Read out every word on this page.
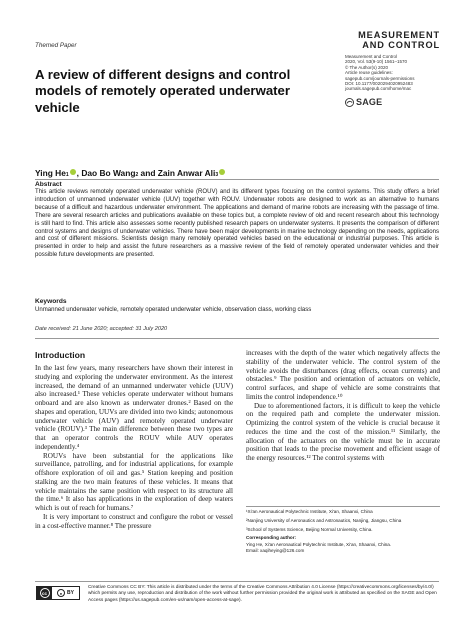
Themed Paper
MEASUREMENT
AND CONTROL
Measurement and Control
2020, Vol. 53(9-10) 1561–1570
© The Author(s) 2020
Article reuse guidelines:
sagepub.com/journals-permissions
DOI: 10.1177/0020294020952483
journals.sagepub.com/home/mac
SAGE
A review of different designs and control models of remotely operated underwater vehicle
Ying $He_1$ , Dao Bo Wang$_2$ and Zain Anwar Ali$_3$
Abstract
This article reviews remotely operated underwater vehicle (ROUV) and its different types focusing on the control systems. This study offers a brief introduction of unmanned underwater vehicle (UUV) together with ROUV. Underwater robots are designed to work as an alternative to humans because of a difficult and hazardous underwater environment. The applications and demand of marine robots are increasing with the passage of time. There are several research articles and publications available on these topics but, a complete review of old and recent research about this technology is still hard to find. This article also assesses some recently published research papers on underwater systems. It presents the comparison of different control systems and designs of underwater vehicles. There have been major developments in marine technology depending on the needs, applications and cost of different missions. Scientists design many remotely operated vehicles based on the educational or industrial purposes. This article is presented in order to help and assist the future researchers as a massive review of the field of remotely operated underwater vehicles and their possible future developments are presented.
Keywords
Unmanned underwater vehicle, remotely operated underwater vehicle, observation class, working class
Date received: 21 June 2020; accepted: 31 July 2020
Introduction

In the last few years, many researchers have shown their interest in studying and exploring the underwater environment. As the interest increased, the demand of an unmanned underwater vehicle (UUV) also increased.¹ These vehicles operate underwater without humans onboard and are also known as underwater drones.² Based on the shapes and operation, UUVs are divided into two kinds; autonomous underwater vehicle (AUV) and remotely operated underwater vehicle (ROUV).³ The main difference between these two types are that an operator controls the ROUV while AUV operates independently.⁴

ROUVs have been substantial for the applications like surveillance, patrolling, and for industrial applications, for example offshore exploration of oil and gas.⁵ Station keeping and position stalking are the two main features of these vehicles. It means that vehicle maintains the same position with respect to its structure all the time.⁶ It also has applications in the exploration of deep waters which is out of reach for humans.⁷

It is very important to construct and configure the robot or vessel in a cost-effective manner.⁸ The pressure

increases with the depth of the water which negatively affects the stability of the underwater vehicle. The control system of the vehicle avoids the disturbances (drag effects, ocean currents) and obstacles.⁹ The position and orientation of actuators on vehicle, control surfaces, and shape of vehicle are some constraints that limits the control independence.¹⁰

Due to aforementioned factors, it is difficult to keep the vehicle on the required path and complete the underwater mission. Optimizing the control system of the vehicle is crucial because it reduces the time and the cost of the mission.¹¹ Similarly, the allocation of the actuators on the vehicle must be in accurate position that leads to the precise movement and efficient usage of the energy resources.¹² The control systems with

¹Xi'an Aeronautical Polytechnic Institute, Xi'an, Shaanxi, China

²Nanjing University of Aeronautics and Astronautics, Nanjing, Jiangsu, China

³School of Systems Science, Beijing Normal University, China.

Corresponding author:
Ying He, Xi'an Aeronautical Polytechnic Institute, Xi'an, Shaanxi, China.
Email: xaqiheying@126.com
cc	● BY
Creative Commons CC BY: This article is distributed under the terms of the Creative Commons Attribution 4.0 License (https://creativecommons.org/licenses/by/4.0/) which permits any use, reproduction and distribution of the work without further permission provided the original work is attributed as specified on the SAGE and Open Access pages (https://us.sagepub.com/en-us/nam/open-access-at-sage).
